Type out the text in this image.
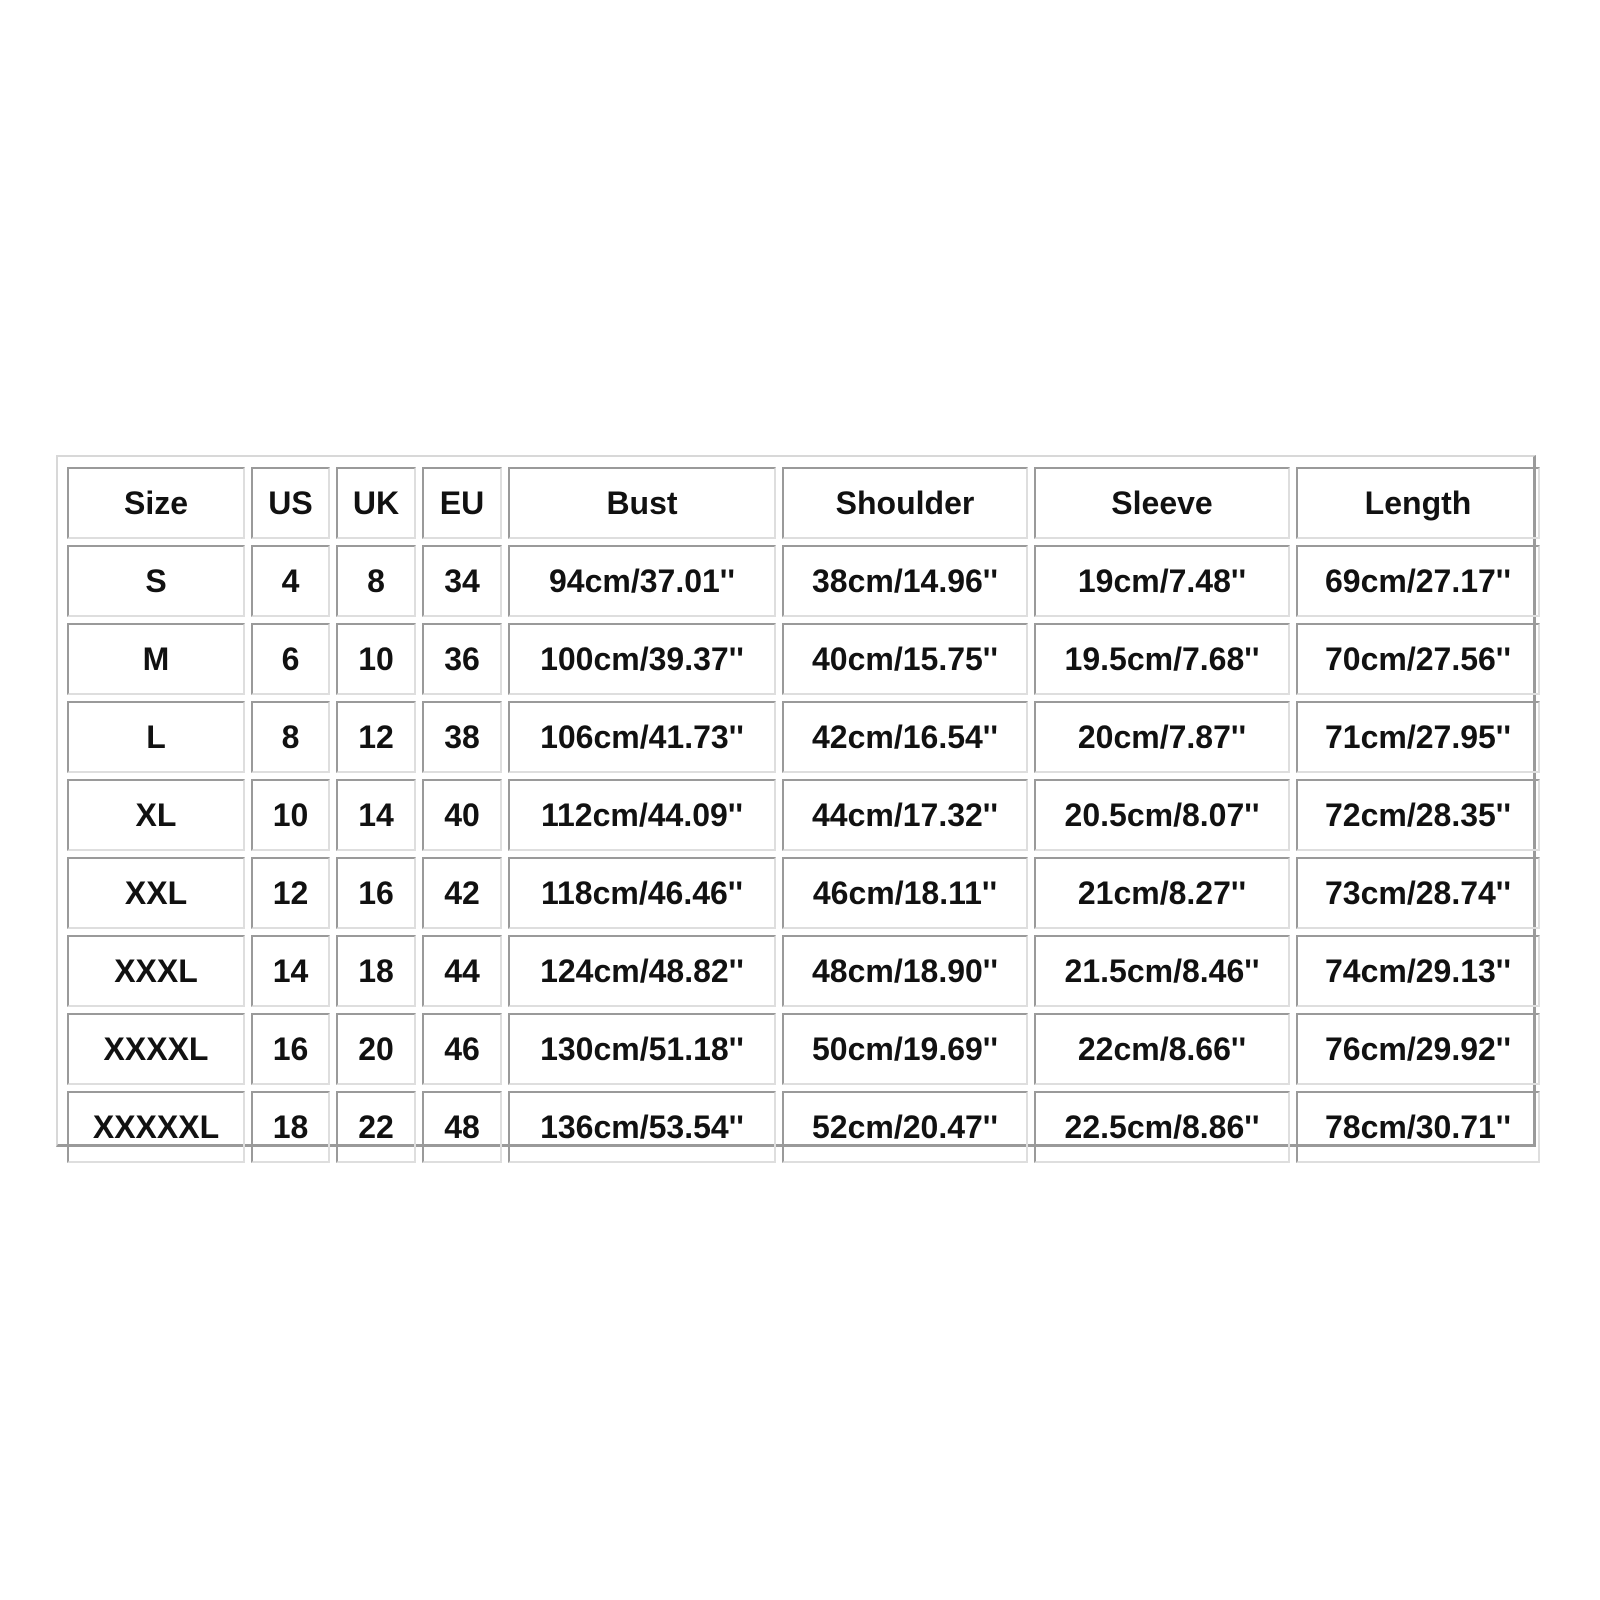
Size	US	UK	EU	Bust	Shoulder	Sleeve	Length
S	4	8	34	94cm/37.01''	38cm/14.96''	19cm/7.48''	69cm/27.17''
M	6	10	36	100cm/39.37''	40cm/15.75''	19.5cm/7.68''	70cm/27.56''
L	8	12	38	106cm/41.73''	42cm/16.54''	20cm/7.87''	71cm/27.95''
XL	10	14	40	112cm/44.09''	44cm/17.32''	20.5cm/8.07''	72cm/28.35''
XXL	12	16	42	118cm/46.46''	46cm/18.11''	21cm/8.27''	73cm/28.74''
XXXL	14	18	44	124cm/48.82''	48cm/18.90''	21.5cm/8.46''	74cm/29.13''
XXXXL	16	20	46	130cm/51.18''	50cm/19.69''	22cm/8.66''	76cm/29.92''
XXXXXL	18	22	48	136cm/53.54''	52cm/20.47''	22.5cm/8.86''	78cm/30.71''
